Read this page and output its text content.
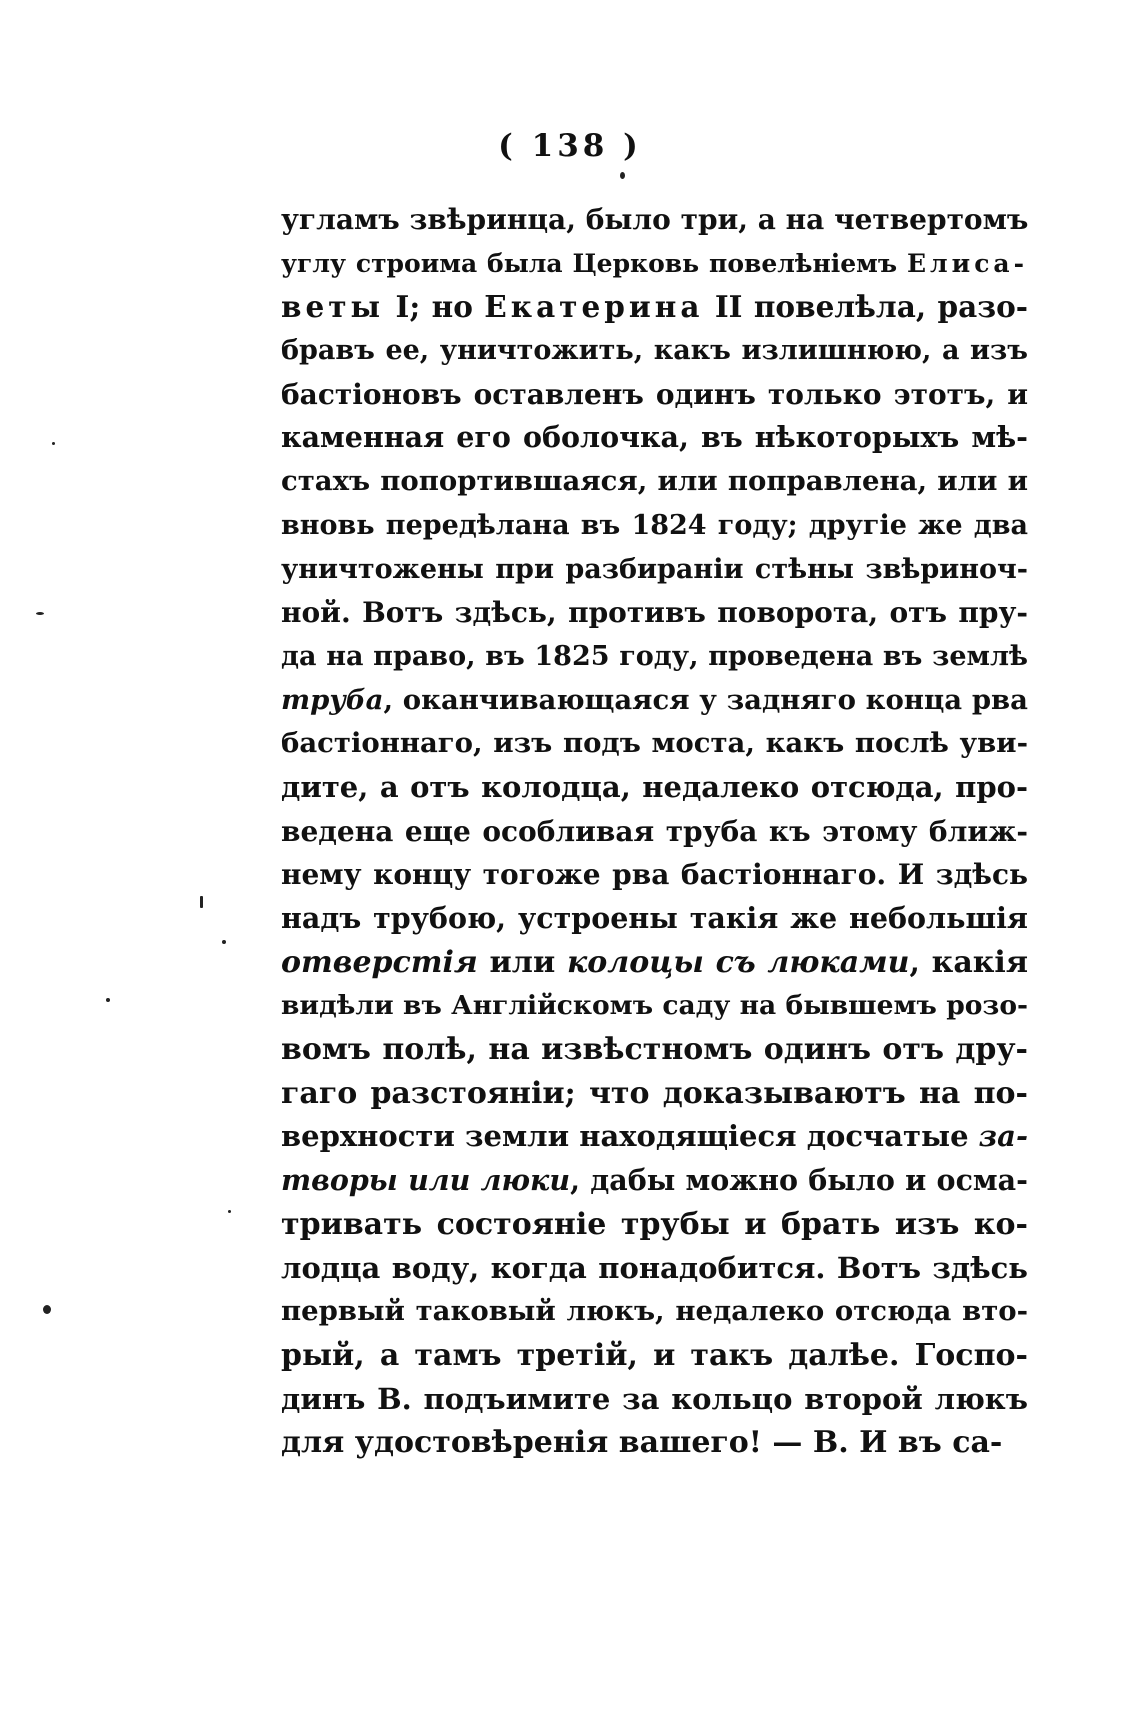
( 138 )
угламъ звѣринца, было три, а на четвертомъ
углу строима была Церковь повелѣніемъ Елиса-
веты I; но Екатерина II повелѣла, разо-
бравъ ее, уничтожить, какъ излишнюю, а изъ
бастіоновъ оставленъ одинъ только этотъ, и
каменная его оболочка, въ нѣкоторыхъ мѣ-
стахъ попортившаяся, или поправлена, или и
вновь передѣлана въ 1824 году; другіе же два
уничтожены при разбираніи стѣны звѣриноч-
ной. Вотъ здѣсь, противъ поворота, отъ пру-
да на право, въ 1825 году, проведена въ землѣ
труба, оканчивающаяся у задняго конца рва
бастіоннаго, изъ подъ моста, какъ послѣ уви-
дите, а отъ колодца, недалеко отсюда, про-
ведена еще особливая труба къ этому ближ-
нему концу тогожe рва бастіоннаго. И здѣсь
надъ трубою, устроены такія же небольшія
отверстія или колоцы съ люками, какія
видѣли въ Англійскомъ саду на бывшемъ розо-
вомъ полѣ, на извѣстномъ одинъ отъ дру-
гаго разстояніи; что доказываютъ на по-
верхности земли находящіеся досчатые за-
творы или люки, дабы можно было и осма-
тривать состояніе трубы и брать изъ ко-
лодца воду, когда понадобится. Вотъ здѣсь
первый таковый люкъ, недалеко отсюда вто-
рый, а тамъ третій, и такъ далѣе. Госпо-
динъ В. подъимите за кольцо второй люкъ
для удостовѣренія вашего! — В. И въ са-
